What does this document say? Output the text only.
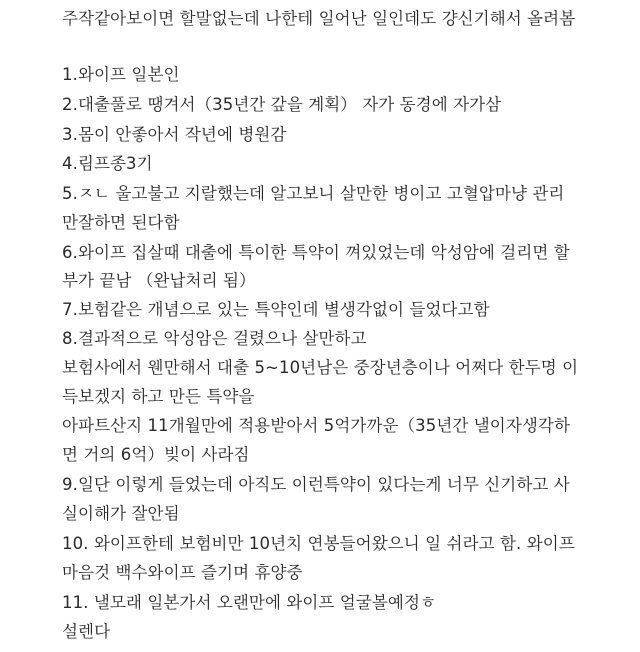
주작같아보이면 할말없는데 나한테 일어난 일인데도 걍신기해서 올려봄
1.와이프 일본인
2.대출풀로 땡겨서（35년간 갚을 계획） 자가 동경에 자가삼
3.몸이 안좋아서 작년에 병원감
4.림프종3기
5.ㅈㄴ 울고불고 지랄했는데 알고보니 살만한 병이고 고혈압마냥 관리
만잘하면 된다함
6.와이프 집살때 대출에 특이한 특약이 껴있었는데 악성암에 걸리면 할
부가 끝남 （완납처리 됨）
7.보험같은 개념으로 있는 특약인데 별생각없이 들었다고함
8.결과적으로 악성암은 걸렸으나 살만하고
보험사에서 웬만해서 대출 5~10년남은 중장년층이나 어쩌다 한두명 이
득보겠지 하고 만든 특약을
아파트산지 11개월만에 적용받아서 5억가까운（35년간 낼이자생각하
면 거의 6억）빚이 사라짐
9.일단 이렇게 들었는데 아직도 이런특약이 있다는게 너무 신기하고 사
실이해가 잘안됨
10. 와이프한테 보험비만 10년치 연봉들어왔으니 일 쉬라고 함. 와이프
마음것 백수와이프 즐기며 휴양중
11. 낼모래 일본가서 오랜만에 와이프 얼굴볼예정ㅎ
설렌다
